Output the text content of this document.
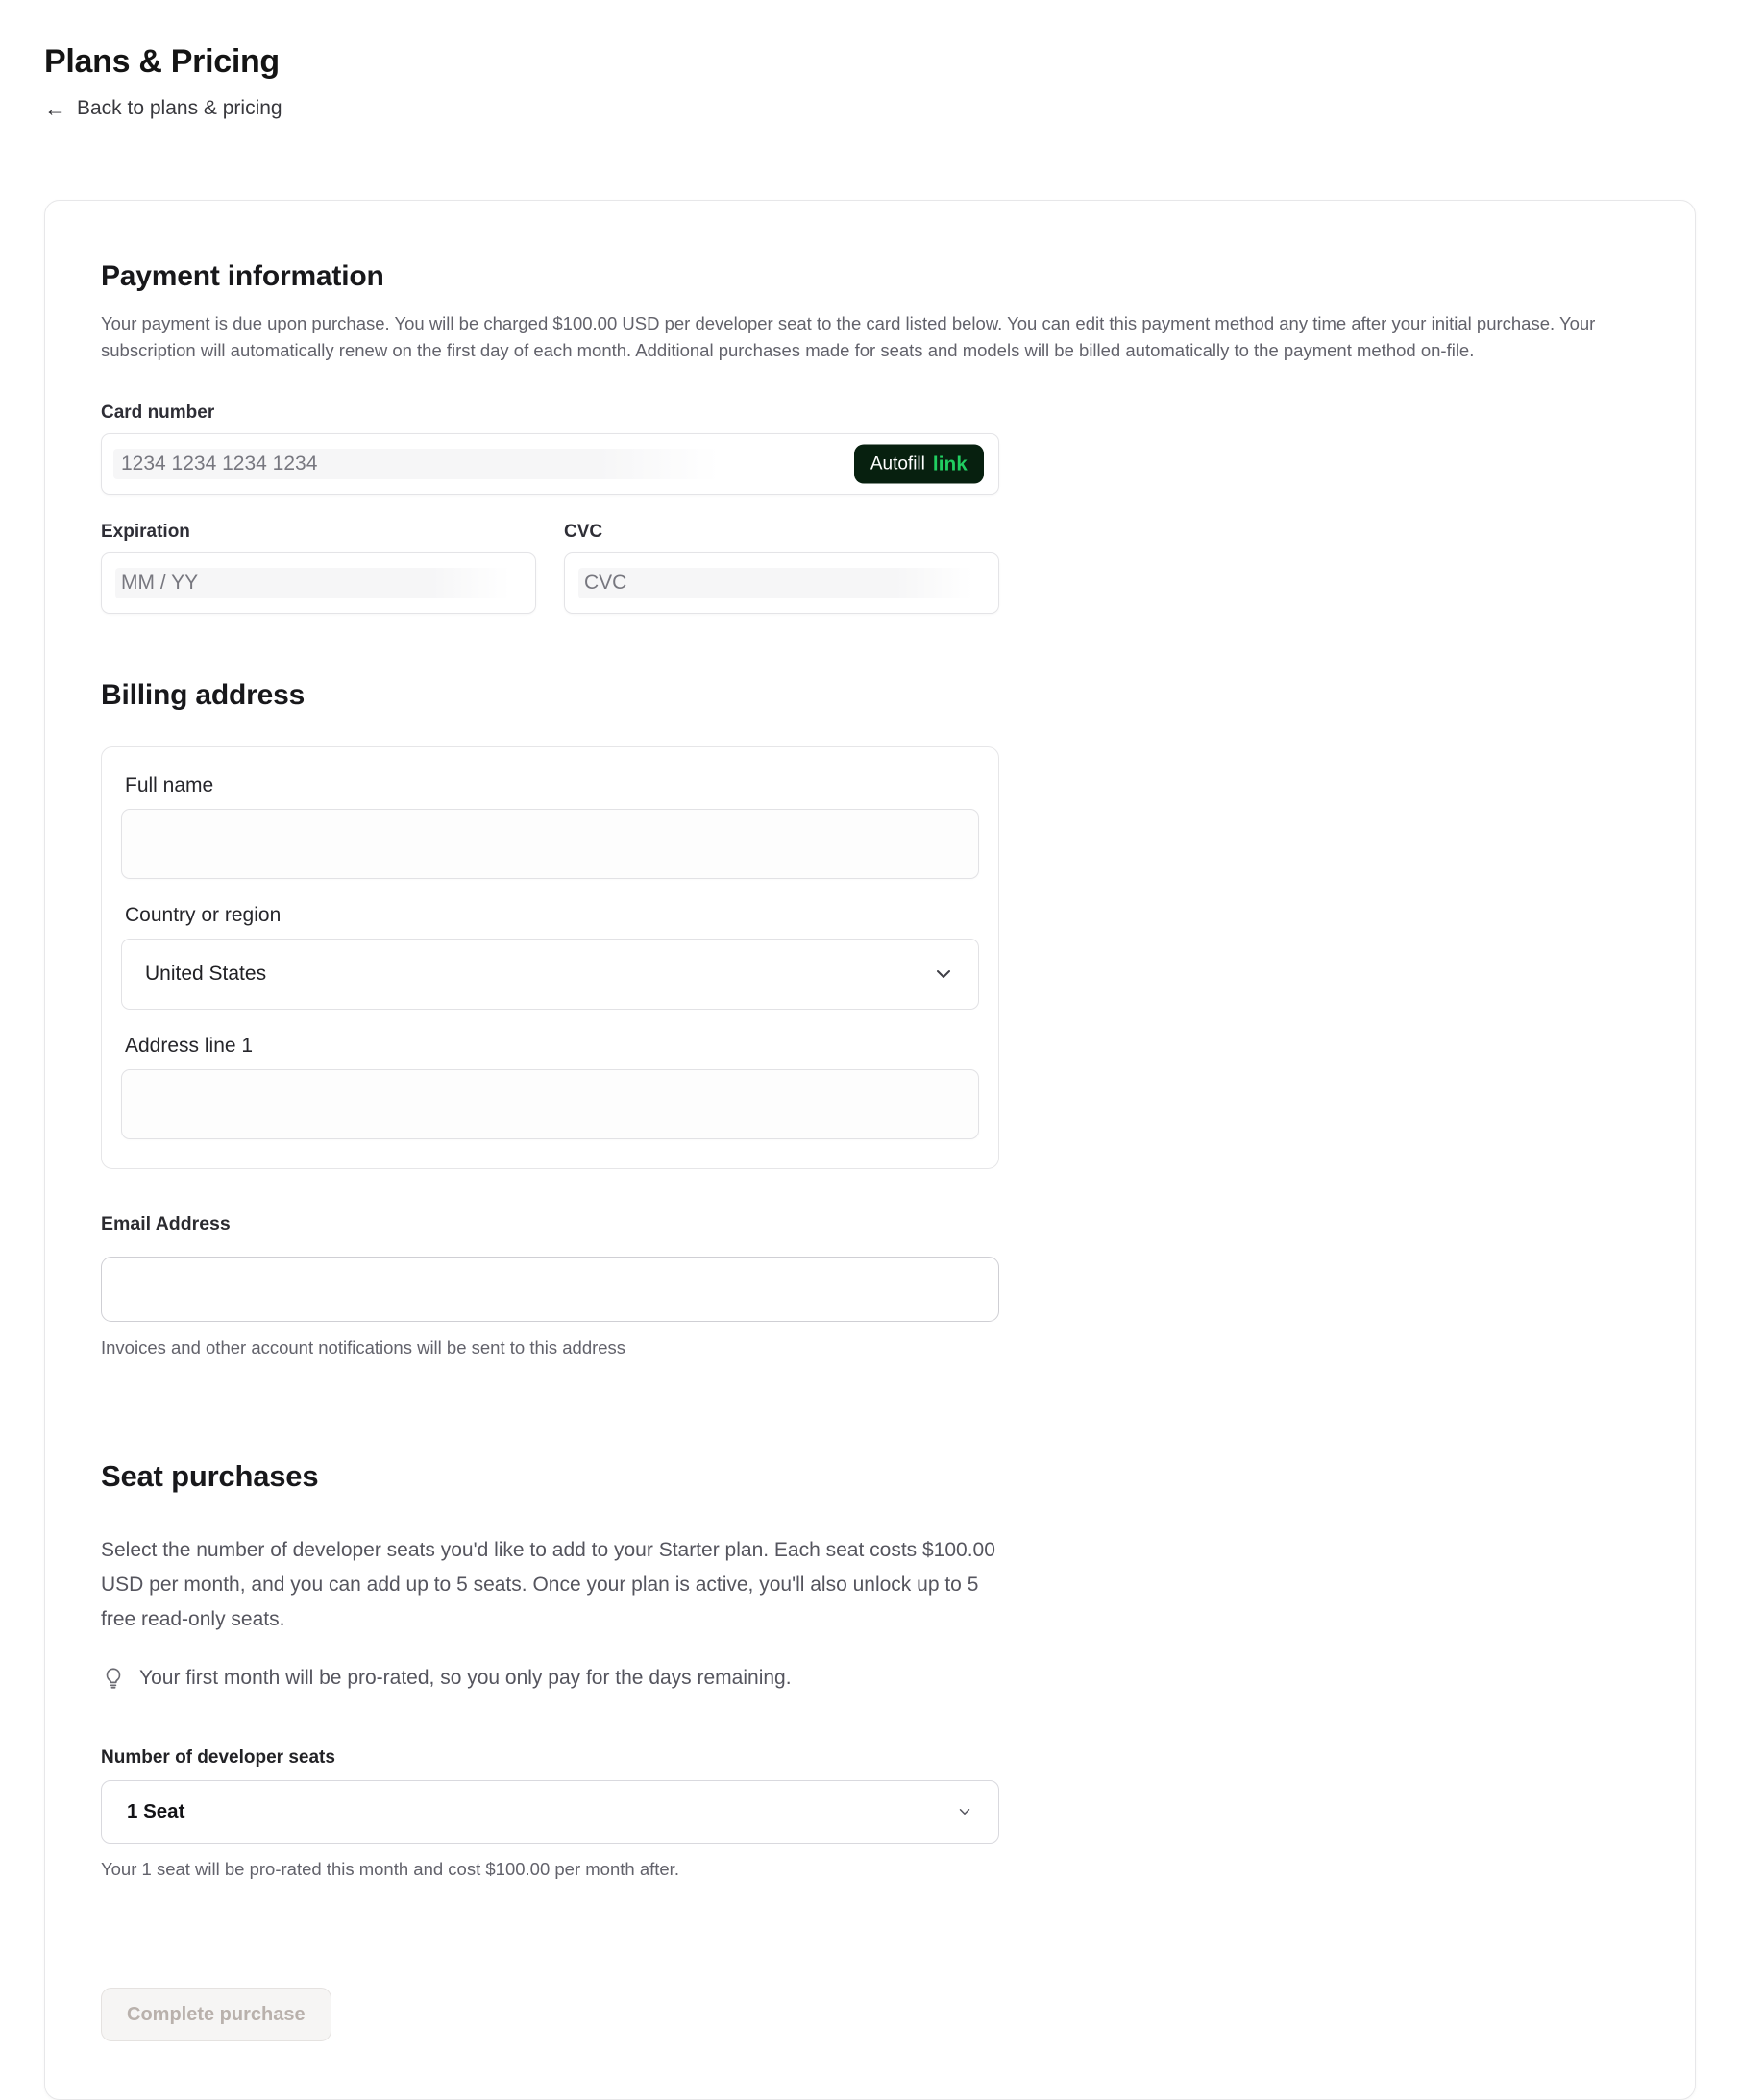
Plans & Pricing
← Back to plans & pricing
Payment information

Your payment is due upon purchase. You will be charged $100.00 USD per developer seat to the card listed below. You can edit this payment method any time after your initial purchase. Your subscription will automatically renew on the first day of each month. Additional purchases made for seats and models will be billed automatically to the payment method on-file.

Card number
1234 1234 1234 1234
Autofill link
Expiration	CVC
MM / YY
CVC
Billing address
Full name
Country or region
United States
Address line 1
Email Address
Invoices and other account notifications will be sent to this address
Seat purchases

Select the number of developer seats you'd like to add to your Starter plan. Each seat costs $100.00 USD per month, and you can add up to 5 seats. Once your plan is active, you'll also unlock up to 5 free read-only seats.

Your first month will be pro-rated, so you only pay for the days remaining.
Number of developer seats
1 Seat
Your 1 seat will be pro-rated this month and cost $100.00 per month after.
Complete purchase
